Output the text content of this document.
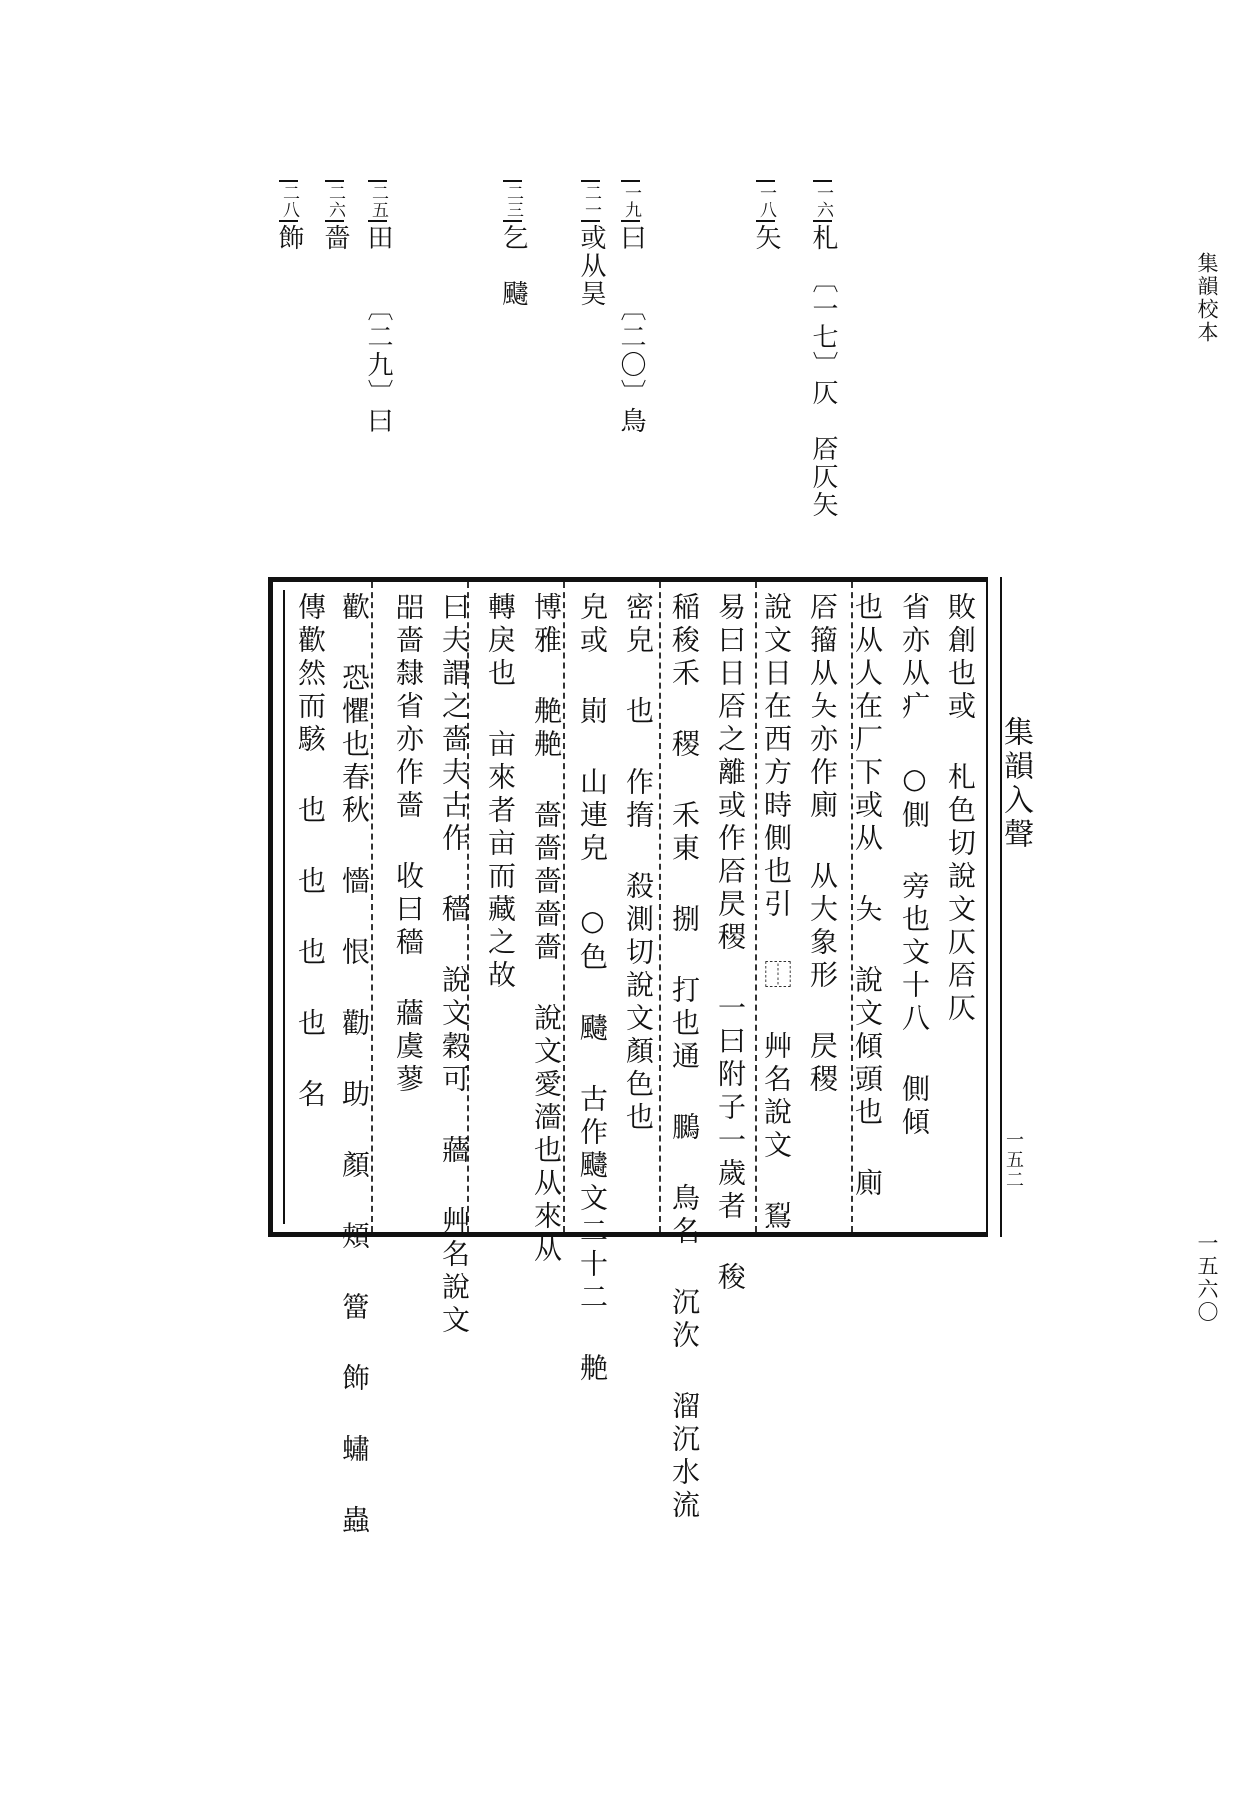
集韻校本
一五六〇
一六札　〔一七〕仄　㕉仄矢
一八矢
一九曰　　〔二〇〕鳥
二一或从昊
二三乞　䬞
二五田　　〔二九〕曰
二六嗇
二八飾
集韻入聲
一五二
敗創也或 札色切說文仄㕉仄
省亦从疒 ○側 旁也文十八 側傾
也从人在厂下或从 夨 說文傾頭也 廁
㕉籀从夨亦作廁 从大象形 昃稷
說文日在西方時側也引 ⿰ 艸名說文 鴷
易曰日㕉之離或作㕉昃稷 一曰附子一歲者 稄
稲稄禾 稷 禾東 捌 打也通 鵩 鳥名 沉㳄 溜沉水流
密皃 也 作㨊 殺測切說文顏色也
皃或 崱 山連皃 ○色 䬞 古作䬞文二十二 艴
博雅 艴艴 嗇嗇嗇嗇嗇 說文愛濇也从來从
轉戾也 亩來者亩而藏之故
曰夫謂之嗇夫古作 穡 說文穀可 蘠 艸名說文
㗊嗇隸省亦作嗇 收曰穡 蘠虞蓼
歡 恐懼也春秋 懎 恨 勸 助 顏 頰 簹 飾 蟰 蟲
傳歡然而駭 也 也 也 也 名
